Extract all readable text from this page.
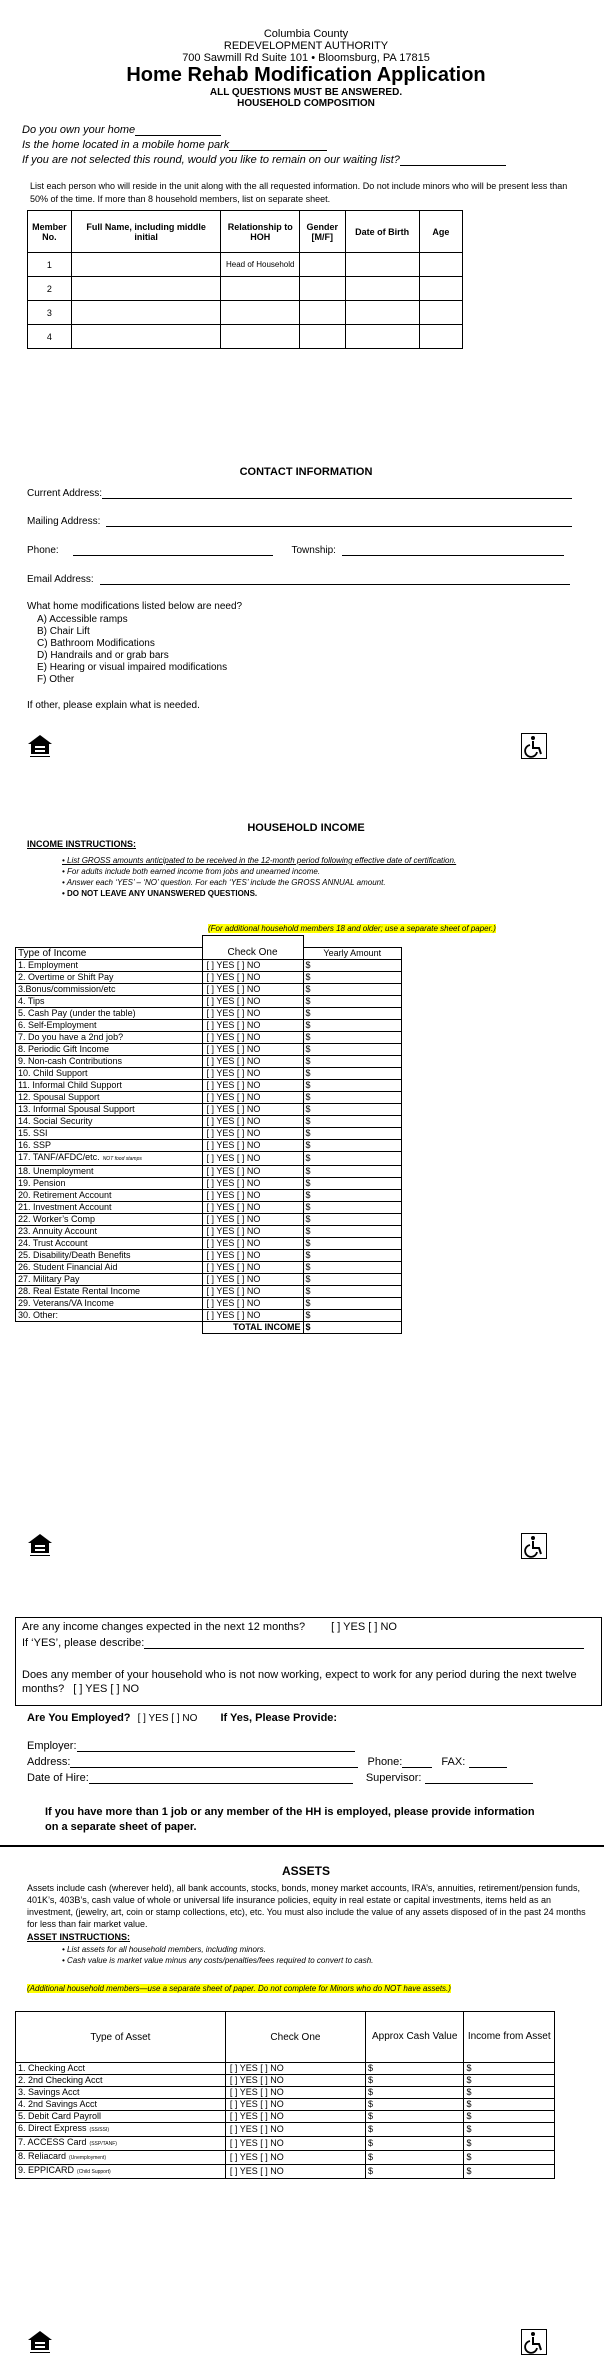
Columbia County
REDEVELOPMENT AUTHORITY
700 Sawmill Rd Suite 101 • Bloomsburg, PA 17815
Home Rehab Modification Application
ALL QUESTIONS MUST BE ANSWERED.
HOUSEHOLD COMPOSITION
Do you own your home
Is the home located in a mobile home park
If you are not selected this round, would you like to remain on our waiting list?
List each person who will reside in the unit along with the all requested information. Do not include minors who will be present less than 50% of the time. If more than 8 household members, list on separate sheet.
Member No.	Full Name, including middle initial	Relationship to HOH	Gender [M/F]	Date of Birth	Age
1		Head of Household			
2					
3					
4					
CONTACT INFORMATION
Current Address:
Mailing Address:
Phone:	Township:
Email Address:
What home modifications listed below are need?
A) Accessible ramps
B) Chair Lift
C) Bathroom Modifications
D) Handrails and or grab bars
E) Hearing or visual impaired modifications
F) Other
If other, please explain what is needed.
HOUSEHOLD INCOME
INCOME INSTRUCTIONS:
• List GROSS amounts anticipated to be received in the 12-month period following effective date of certification.
• For adults include both earned income from jobs and unearned income.
• Answer each ‘YES’ – ‘NO’ question. For each ‘YES’ include the GROSS ANNUAL amount.
• DO NOT LEAVE ANY UNANSWERED QUESTIONS.
(For additional household members 18 and older; use a separate sheet of paper.)

Type of Income	Check One	Yearly Amount
1. Employment	[ ] YES [ ] NO	$
2. Overtime or Shift Pay	[ ] YES [ ] NO	$
3.Bonus/commission/etc	[ ] YES [ ] NO	$
4. Tips	[ ] YES [ ] NO	$
5. Cash Pay (under the table)	[ ] YES [ ] NO	$
6. Self-Employment	[ ] YES [ ] NO	$
7. Do you have a 2nd job?	[ ] YES [ ] NO	$
8. Periodic Gift Income	[ ] YES [ ] NO	$
9. Non-cash Contributions	[ ] YES [ ] NO	$
10. Child Support	[ ] YES [ ] NO	$
11. Informal Child Support	[ ] YES [ ] NO	$
12. Spousal Support	[ ] YES [ ] NO	$
13. Informal Spousal Support	[ ] YES [ ] NO	$
14. Social Security	[ ] YES [ ] NO	$
15. SSI	[ ] YES [ ] NO	$
16. SSP	[ ] YES [ ] NO	$
17. TANF/AFDC/etc. NOT food stamps	[ ] YES [ ] NO	$
18. Unemployment	[ ] YES [ ] NO	$
19. Pension	[ ] YES [ ] NO	$
20. Retirement Account	[ ] YES [ ] NO	$
21. Investment Account	[ ] YES [ ] NO	$
22. Worker’s Comp	[ ] YES [ ] NO	$
23. Annuity Account	[ ] YES [ ] NO	$
24. Trust Account	[ ] YES [ ] NO	$
25. Disability/Death Benefits	[ ] YES [ ] NO	$
26. Student Financial Aid	[ ] YES [ ] NO	$
27. Military Pay	[ ] YES [ ] NO	$
28. Real Estate Rental Income	[ ] YES [ ] NO	$
29. Veterans/VA Income	[ ] YES [ ] NO	$
30. Other:	[ ] YES [ ] NO	$
	TOTAL INCOME	$
Are any income changes expected in the next 12 months? [ ] YES [ ] NO
If ‘YES’, please describe:
Does any member of your household who is not now working, expect to work for any period during the next twelve months? [ ] YES [ ] NO
Are You Employed? [ ] YES [ ] NO If Yes, Please Provide:
Employer:
Address:	Phone:	FAX:
Date of Hire:	Supervisor:
If you have more than 1 job or any member of the HH is employed, please provide information on a separate sheet of paper.
ASSETS
Assets include cash (wherever held), all bank accounts, stocks, bonds, money market accounts, IRA’s, annuities, retirement/pension funds, 401K’s, 403B’s, cash value of whole or universal life insurance policies, equity in real estate or capital investments, items held as an investment, (jewelry, art, coin or stamp collections, etc), etc. You must also include the value of any assets disposed of in the past 24 months for less than fair market value.
ASSET INSTRUCTIONS:
• List assets for all household members, including minors.
• Cash value is market value minus any costs/penalties/fees required to convert to cash.
(Additional household members—use a separate sheet of paper. Do not complete for Minors who do NOT have assets.)
Type of Asset	Check One	Approx Cash Value	Income from Asset
1. Checking Acct	[ ] YES [ ] NO	$	$
2. 2nd Checking Acct	[ ] YES [ ] NO	$	$
3. Savings Acct	[ ] YES [ ] NO	$	$
4. 2nd Savings Acct	[ ] YES [ ] NO	$	$
5. Debit Card Payroll	[ ] YES [ ] NO	$	$
6. Direct Express (SS/SSI)	[ ] YES [ ] NO	$	$
7. ACCESS Card (SSP/TANF)	[ ] YES [ ] NO	$	$
8. Reliacard (Unemployment)	[ ] YES [ ] NO	$	$
9. EPPICARD (Child Support)	[ ] YES [ ] NO	$	$
